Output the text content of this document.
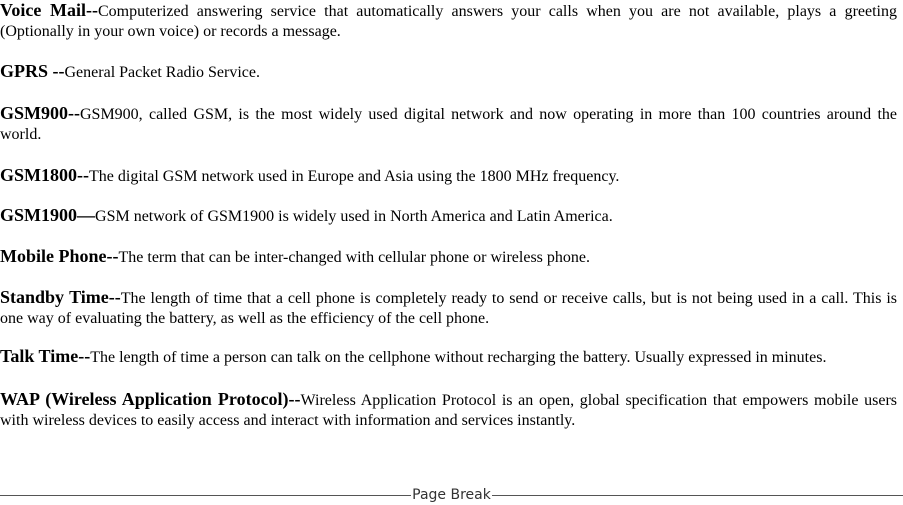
Voice Mail--Computerized answering service that automatically answers your calls when you are not available, plays a greeting (Optionally in your own voice) or records a message.

GPRS --General Packet Radio Service.

GSM900--GSM900, called GSM, is the most widely used digital network and now operating in more than 100 countries around the world.

GSM1800--The digital GSM network used in Europe and Asia using the 1800 MHz frequency.

GSM1900—GSM network of GSM1900 is widely used in North America and Latin America.

Mobile Phone--The term that can be inter-changed with cellular phone or wireless phone.

Standby Time--The length of time that a cell phone is completely ready to send or receive calls, but is not being used in a call. This is one way of evaluating the battery, as well as the efficiency of the cell phone.

Talk Time--The length of time a person can talk on the cellphone without recharging the battery. Usually expressed in minutes.

WAP (Wireless Application Protocol)--Wireless Application Protocol is an open, global specification that empowers mobile users with wireless devices to easily access and interact with information and services instantly.

Page Break
